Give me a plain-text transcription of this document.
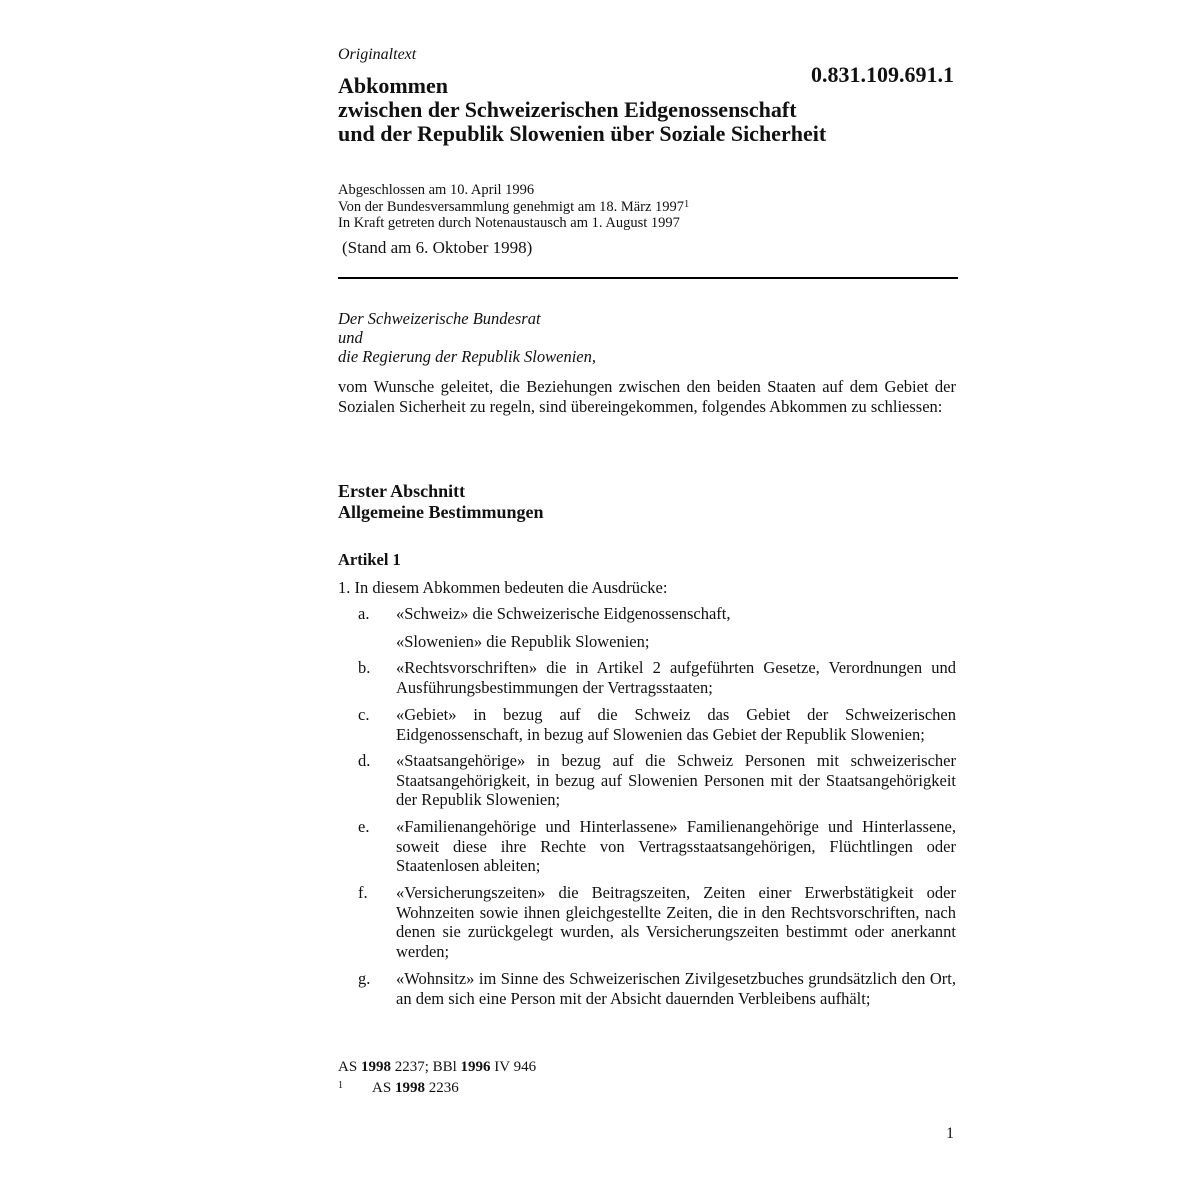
Originaltext
0.831.109.691.1
Abkommen
zwischen der Schweizerischen Eidgenossenschaft
und der Republik Slowenien über Soziale Sicherheit
Abgeschlossen am 10. April 1996
Von der Bundesversammlung genehmigt am 18. März 1997$^1$
In Kraft getreten durch Notenaustausch am 1. August 1997
(Stand am 6. Oktober 1998)
Der Schweizerische Bundesrat
und
die Regierung der Republik Slowenien,
vom Wunsche geleitet, die Beziehungen zwischen den beiden Staaten auf dem Gebiet der Sozialen Sicherheit zu regeln, sind übereingekommen, folgendes Abkommen zu schliessen:
Erster Abschnitt
Allgemeine Bestimmungen
Artikel 1
1. In diesem Abkommen bedeuten die Ausdrücke:
a. «Schweiz» die Schweizerische Eidgenossenschaft,
«Slowenien» die Republik Slowenien;
b. «Rechtsvorschriften» die in Artikel 2 aufgeführten Gesetze, Verordnungen und Ausführungsbestimmungen der Vertragsstaaten;
c. «Gebiet» in bezug auf die Schweiz das Gebiet der Schweizerischen Eidgenossenschaft, in bezug auf Slowenien das Gebiet der Republik Slowenien;
d. «Staatsangehörige» in bezug auf die Schweiz Personen mit schweizerischer Staatsangehörigkeit, in bezug auf Slowenien Personen mit der Staatsangehörigkeit der Republik Slowenien;
e. «Familienangehörige und Hinterlassene» Familienangehörige und Hinterlassene, soweit diese ihre Rechte von Vertragsstaatsangehörigen, Flüchtlingen oder Staatenlosen ableiten;
f. «Versicherungszeiten» die Beitragszeiten, Zeiten einer Erwerbstätigkeit oder Wohnzeiten sowie ihnen gleichgestellte Zeiten, die in den Rechtsvorschriften, nach denen sie zurückgelegt wurden, als Versicherungszeiten bestimmt oder anerkannt werden;
g. «Wohnsitz» im Sinne des Schweizerischen Zivilgesetzbuches grundsätzlich den Ort, an dem sich eine Person mit der Absicht dauernden Verbleibens aufhält;
AS 1998 2237; BBl 1996 IV 946
1 AS 1998 2236
1
